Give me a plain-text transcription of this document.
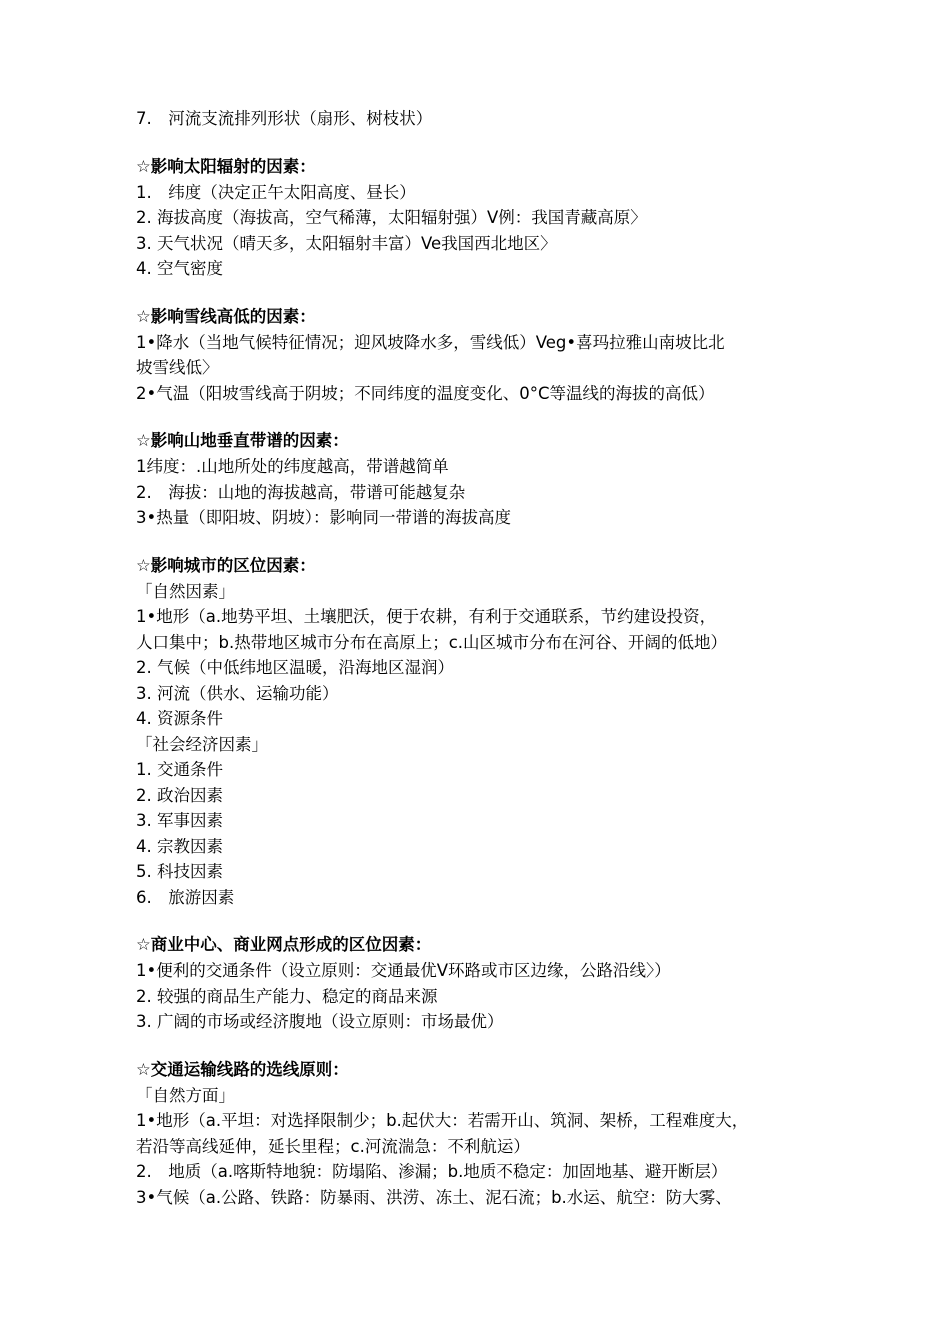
7.　河流支流排列形状（扇形、树枝状）
☆影响太阳辐射的因素：
1.　纬度（决定正午太阳高度、昼长）
2. 海拔高度（海拔高，空气稀薄，太阳辐射强）V例：我国青藏高原〉
3. 天气状况（晴天多，太阳辐射丰富）Ve我国西北地区〉
4. 空气密度
☆影响雪线高低的因素：
1•降水（当地气候特征情况；迎风坡降水多，雪线低）Veg•喜玛拉雅山南坡比北
坡雪线低〉
2•气温（阳坡雪线高于阴坡；不同纬度的温度变化、0°C等温线的海拔的高低）
☆影响山地垂直带谱的因素：
1纬度：.山地所处的纬度越高，带谱越简单
2.　海拔：山地的海拔越高，带谱可能越复杂
3•热量（即阳坡、阴坡）：影响同一带谱的海拔高度
☆影响城市的区位因素：
「自然因素」
1•地形（a.地势平坦、土壤肥沃，便于农耕，有利于交通联系，节约建设投资，
人口集中；b.热带地区城市分布在高原上；c.山区城市分布在河谷、开阔的低地）
2. 气候（中低纬地区温暖，沿海地区湿润）
3. 河流（供水、运输功能）
4. 资源条件
「社会经济因素」
1. 交通条件
2. 政治因素
3. 军事因素
4. 宗教因素
5. 科技因素
6.　旅游因素
☆商业中心、商业网点形成的区位因素：
1•便利的交通条件（设立原则：交通最优V环路或市区边缘，公路沿线〉）
2. 较强的商品生产能力、稳定的商品来源
3. 广阔的市场或经济腹地（设立原则：市场最优）
☆交通运输线路的选线原则：
「自然方面」
1•地形（a.平坦：对选择限制少；b.起伏大：若需开山、筑洞、架桥，工程难度大，
若沿等高线延伸，延长里程；c.河流湍急：不利航运）
2.　地质（a.喀斯特地貌：防塌陷、渗漏；b.地质不稳定：加固地基、避开断层）
3•气候（a.公路、铁路：防暴雨、洪涝、冻土、泥石流；b.水运、航空：防大雾、
